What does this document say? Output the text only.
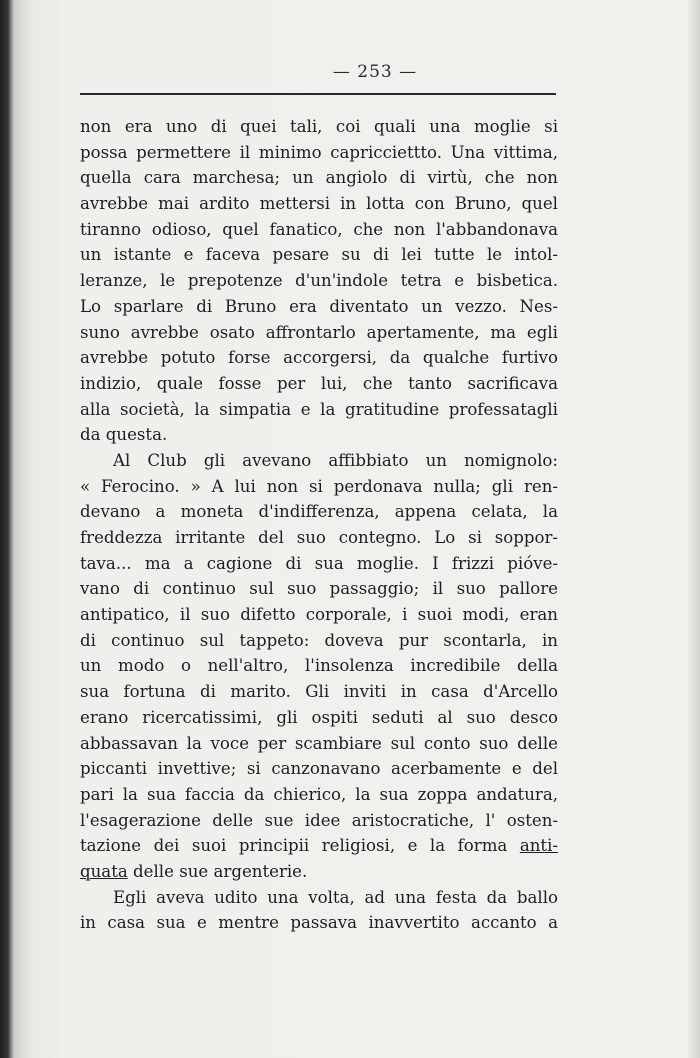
— 253 —
non era uno di quei tali, coi quali una moglie si
possa permettere il minimo capricciettto. Una vittima,
quella cara marchesa; un angiolo di virtù, che non
avrebbe mai ardito mettersi in lotta con Bruno, quel
tiranno odioso, quel fanatico, che non l'abbandonava
un istante e faceva pesare su di lei tutte le intol-
leranze, le prepotenze d'un'indole tetra e bisbetica.
Lo sparlare di Bruno era diventato un vezzo. Nes-
suno avrebbe osato affrontarlo apertamente, ma egli
avrebbe potuto forse accorgersi, da qualche furtivo
indizio, quale fosse per lui, che tanto sacrificava
alla società, la simpatia e la gratitudine professatagli
da questa.
Al Club gli avevano affibbiato un nomignolo:
« Ferocino. » A lui non si perdonava nulla; gli ren-
devano a moneta d'indifferenza, appena celata, la
freddezza irritante del suo contegno. Lo si soppor-
tava... ma a cagione di sua moglie. I frizzi pióve-
vano di continuo sul suo passaggio; il suo pallore
antipatico, il suo difetto corporale, i suoi modi, eran
di continuo sul tappeto: doveva pur scontarla, in
un modo o nell'altro, l'insolenza incredibile della
sua fortuna di marito. Gli inviti in casa d'Arcello
erano ricercatissimi, gli ospiti seduti al suo desco
abbassavan la voce per scambiare sul conto suo delle
piccanti invettive; si canzonavano acerbamente e del
pari la sua faccia da chierico, la sua zoppa andatura,
l'esagerazione delle sue idee aristocratiche, l' osten-
tazione dei suoi principii religiosi, e la forma anti-
quata delle sue argenterie.
Egli aveva udito una volta, ad una festa da ballo
in casa sua e mentre passava inavvertito accanto a
